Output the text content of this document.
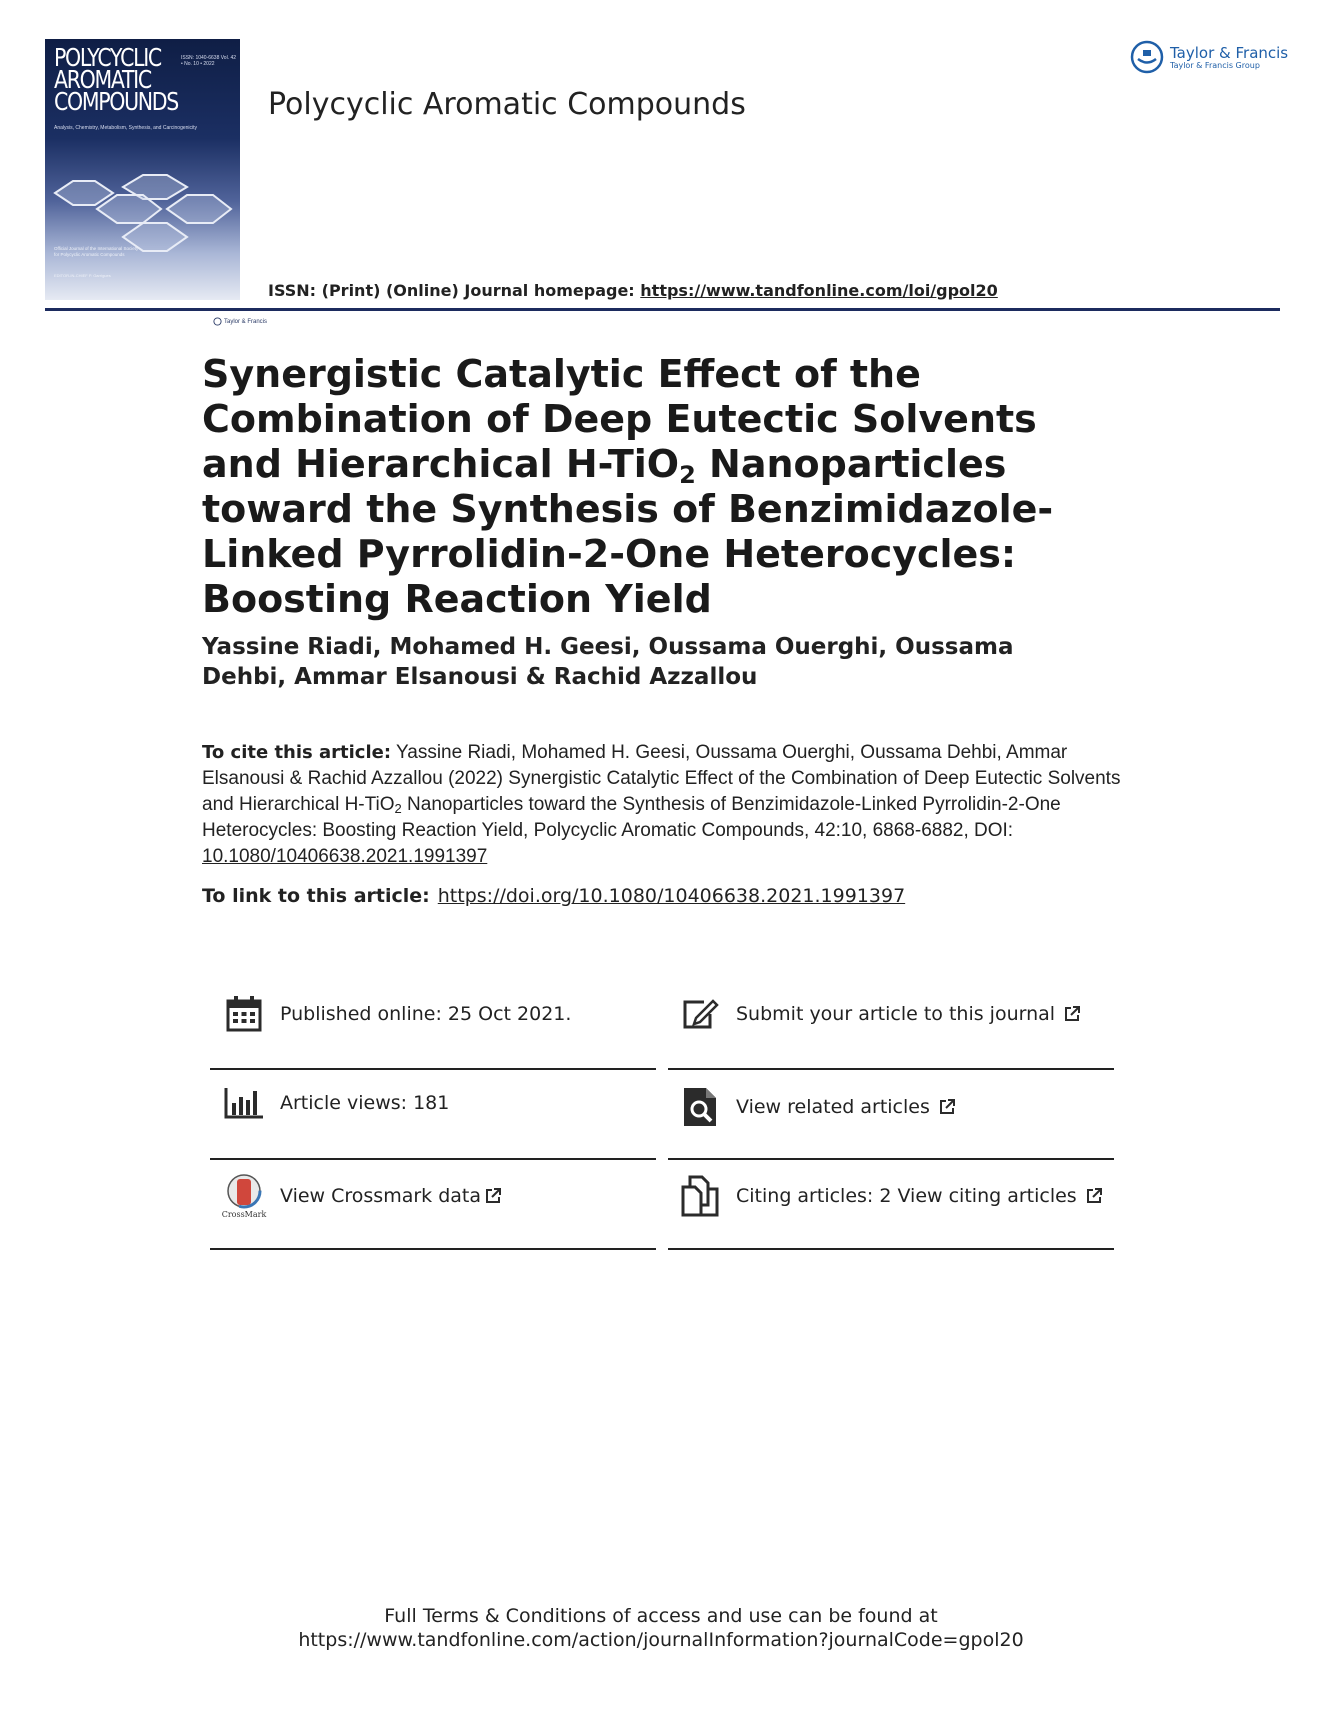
POLYCYCLIC
AROMATIC
COMPOUNDS
ISSN: 1040-6638 Vol. 42 • No. 10 • 2022
Analysis, Chemistry, Metabolism, Synthesis, and Carcinogenicity
Official Journal of the International Society for Polycyclic Aromatic Compounds
EDITOR-IN-CHIEF P. Garrigues
Taylor & Francis
Polycyclic Aromatic Compounds
Taylor & Francis
Taylor & Francis Group
ISSN: (Print) (Online) Journal homepage: https://www.tandfonline.com/loi/gpol20
Synergistic Catalytic Effect of the Combination of Deep Eutectic Solvents and Hierarchical H-TiO$_2$ Nanoparticles toward the Synthesis of Benzimidazole-Linked Pyrrolidin-2-One Heterocycles: Boosting Reaction Yield
Yassine Riadi, Mohamed H. Geesi, Oussama Ouerghi, Oussama Dehbi, Ammar Elsanousi & Rachid Azzallou
To cite this article: Yassine Riadi, Mohamed H. Geesi, Oussama Ouerghi, Oussama Dehbi, Ammar Elsanousi & Rachid Azzallou (2022) Synergistic Catalytic Effect of the Combination of Deep Eutectic Solvents and Hierarchical H-TiO$_2$ Nanoparticles toward the Synthesis of Benzimidazole-Linked Pyrrolidin-2-One Heterocycles: Boosting Reaction Yield, Polycyclic Aromatic Compounds, 42:10, 6868-6882, DOI: 10.1080/10406638.2021.1991397
To link to this article: https://doi.org/10.1080/10406638.2021.1991397
Published online: 25 Oct 2021.	Submit your article to this journal
Article views: 181	View related articles
CrossMark
View Crossmark data	Citing articles: 2 View citing articles
Full Terms & Conditions of access and use can be found at
https://www.tandfonline.com/action/journalInformation?journalCode=gpol20
